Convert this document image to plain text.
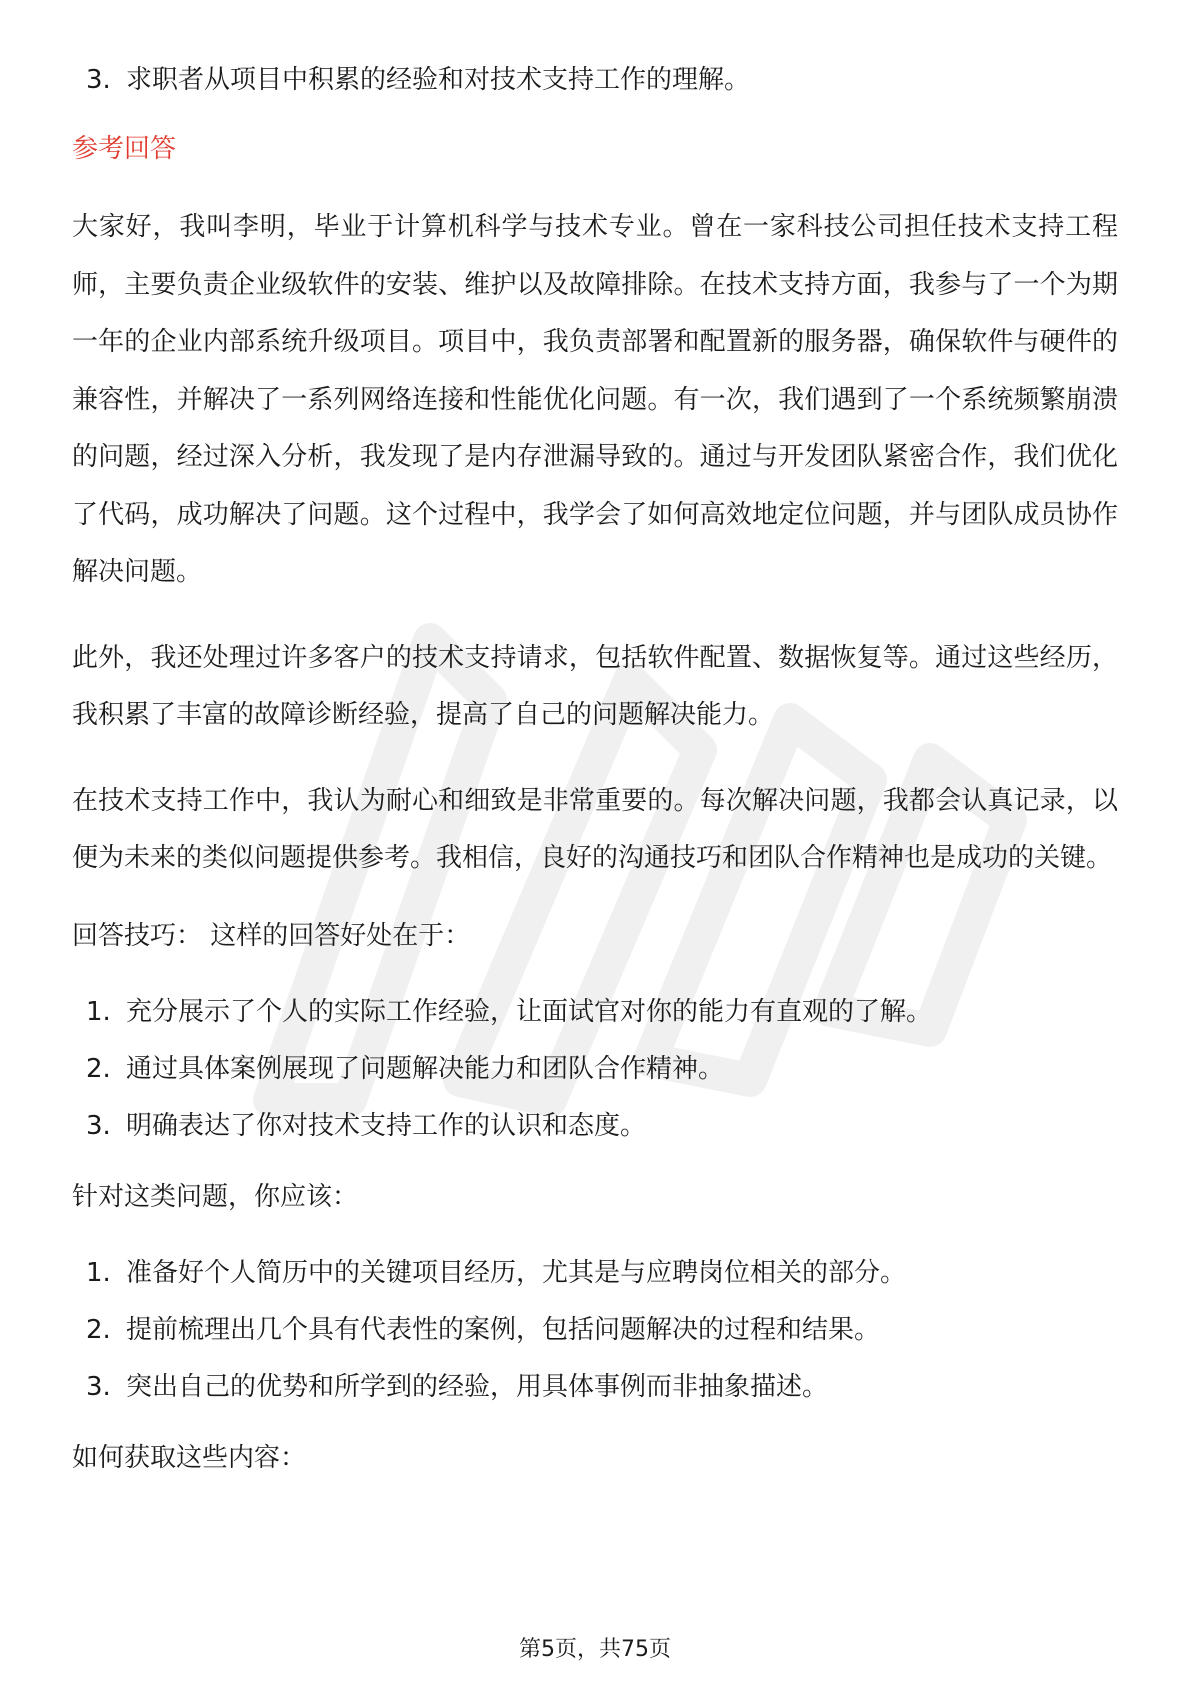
3. 求职者从项目中积累的经验和对技术支持工作的理解。
参考回答

大家好，我叫李明，毕业于计算机科学与技术专业。曾在一家科技公司担任技术支持工程师，主要负责企业级软件的安装、维护以及故障排除。在技术支持方面，我参与了一个为期一年的企业内部系统升级项目。项目中，我负责部署和配置新的服务器，确保软件与硬件的兼容性，并解决了一系列网络连接和性能优化问题。有一次，我们遇到了一个系统频繁崩溃的问题，经过深入分析，我发现了是内存泄漏导致的。通过与开发团队紧密合作，我们优化了代码，成功解决了问题。这个过程中，我学会了如何高效地定位问题，并与团队成员协作解决问题。

此外，我还处理过许多客户的技术支持请求，包括软件配置、数据恢复等。通过这些经历，我积累了丰富的故障诊断经验，提高了自己的问题解决能力。

在技术支持工作中，我认为耐心和细致是非常重要的。每次解决问题，我都会认真记录，以便为未来的类似问题提供参考。我相信，良好的沟通技巧和团队合作精神也是成功的关键。

回答技巧： 这样的回答好处在于：
1. 充分展示了个人的实际工作经验，让面试官对你的能力有直观的了解。
2. 通过具体案例展现了问题解决能力和团队合作精神。
3. 明确表达了你对技术支持工作的认识和态度。
针对这类问题，你应该：
1. 准备好个人简历中的关键项目经历，尤其是与应聘岗位相关的部分。
2. 提前梳理出几个具有代表性的案例，包括问题解决的过程和结果。
3. 突出自己的优势和所学到的经验，用具体事例而非抽象描述。
如何获取这些内容：
第5页，共75页
